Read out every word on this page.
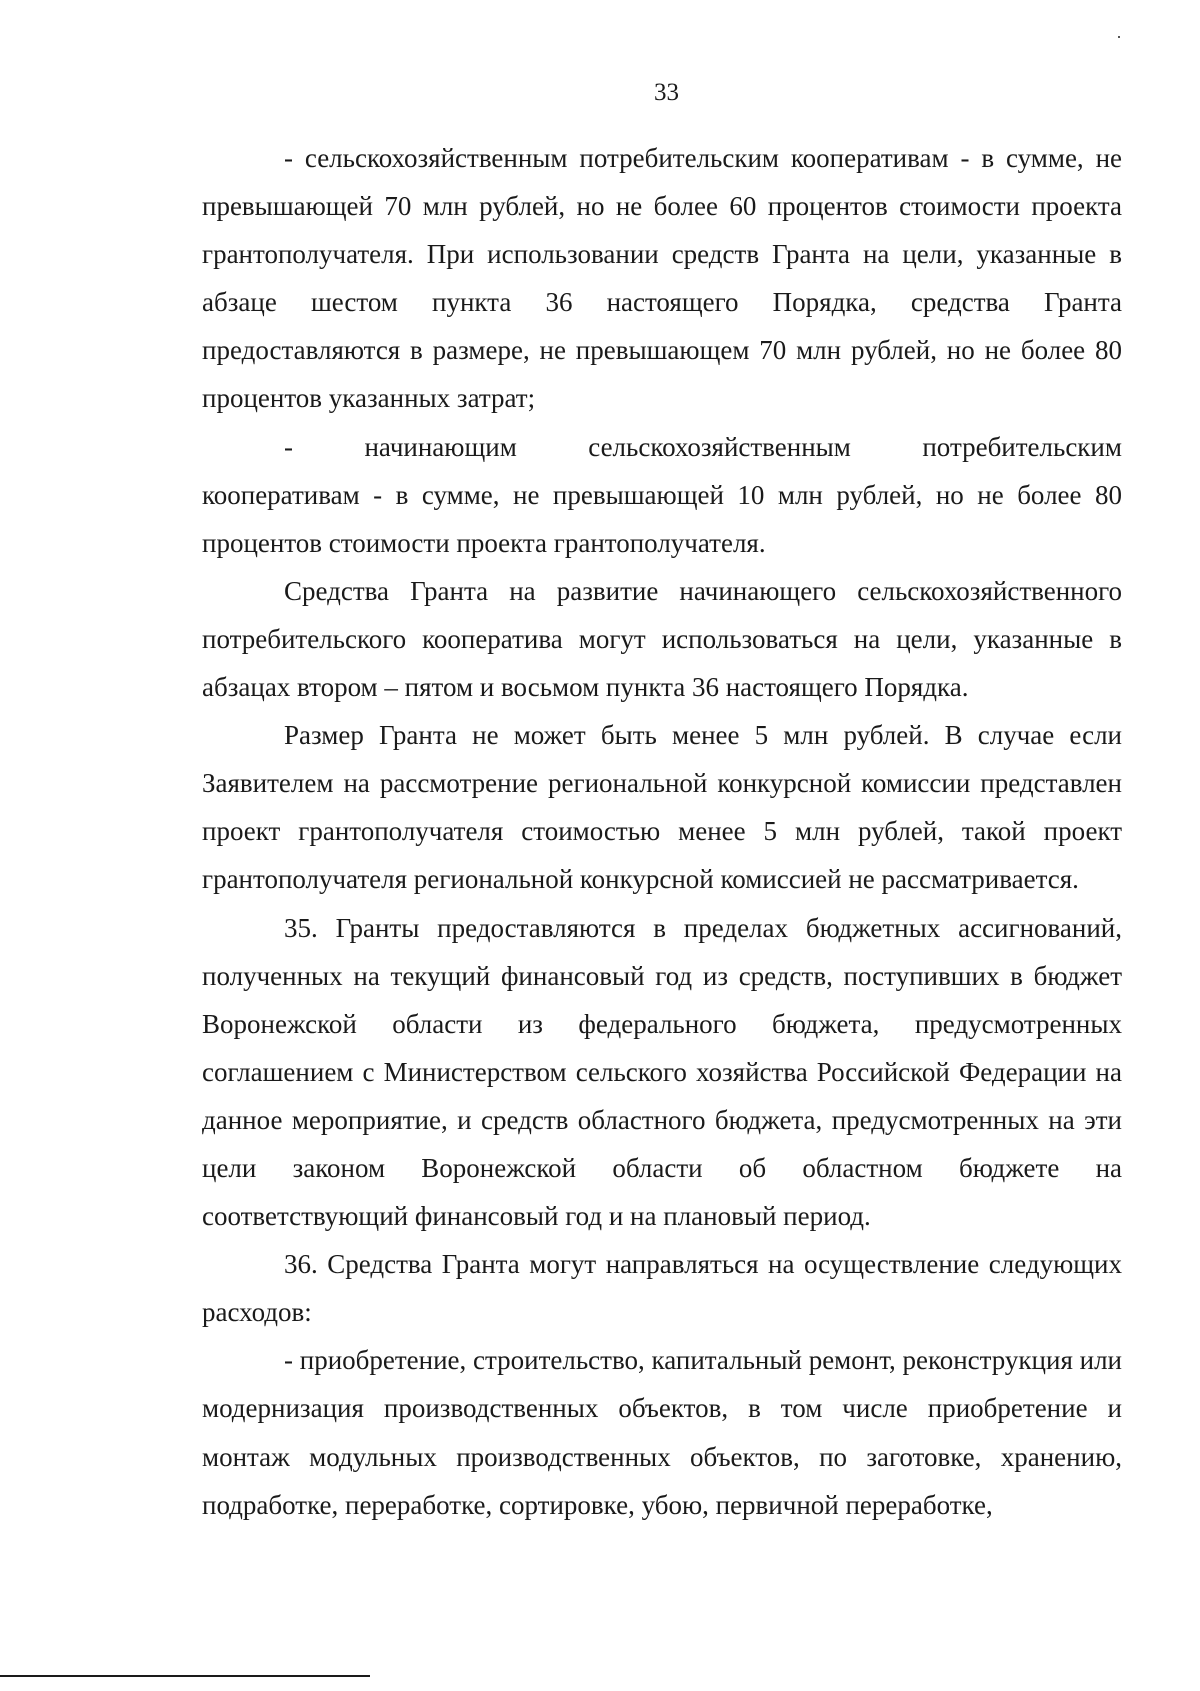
33

- сельскохозяйственным потребительским кооперативам - в сумме, не превышающей 70 млн рублей, но не более 60 процентов стоимости проекта грантополучателя. При использовании средств Гранта на цели, указанные в абзаце шестом пункта 36 настоящего Порядка, средства Гранта предоставляются в размере, не превышающем 70 млн рублей, но не более 80 процентов указанных затрат;

-	начинающим	сельскохозяйственным	потребительским

кооперативам - в сумме, не превышающей 10 млн рублей, но не более 80 процентов стоимости проекта грантополучателя.

Средства Гранта на развитие начинающего сельскохозяйственного потребительского кооператива могут использоваться на цели, указанные в абзацах втором – пятом и восьмом пункта 36 настоящего Порядка.

Размер Гранта не может быть менее 5 млн рублей. В случае если Заявителем на рассмотрение региональной конкурсной комиссии представлен проект грантополучателя стоимостью менее 5 млн рублей, такой проект грантополучателя региональной конкурсной комиссией не рассматривается.

35. Гранты предоставляются в пределах бюджетных ассигнований, полученных на текущий финансовый год из средств, поступивших в бюджет Воронежской области из федерального бюджета, предусмотренных соглашением с Министерством сельского хозяйства Российской Федерации на данное мероприятие, и средств областного бюджета, предусмотренных на эти цели законом Воронежской области об областном бюджете на соответствующий финансовый год и на плановый период.

36. Средства Гранта могут направляться на осуществление следующих расходов:

- приобретение, строительство, капитальный ремонт, реконструкция или модернизация производственных объектов, в том числе приобретение и монтаж модульных производственных объектов, по заготовке, хранению, подработке, переработке, сортировке, убою, первичной переработке,
